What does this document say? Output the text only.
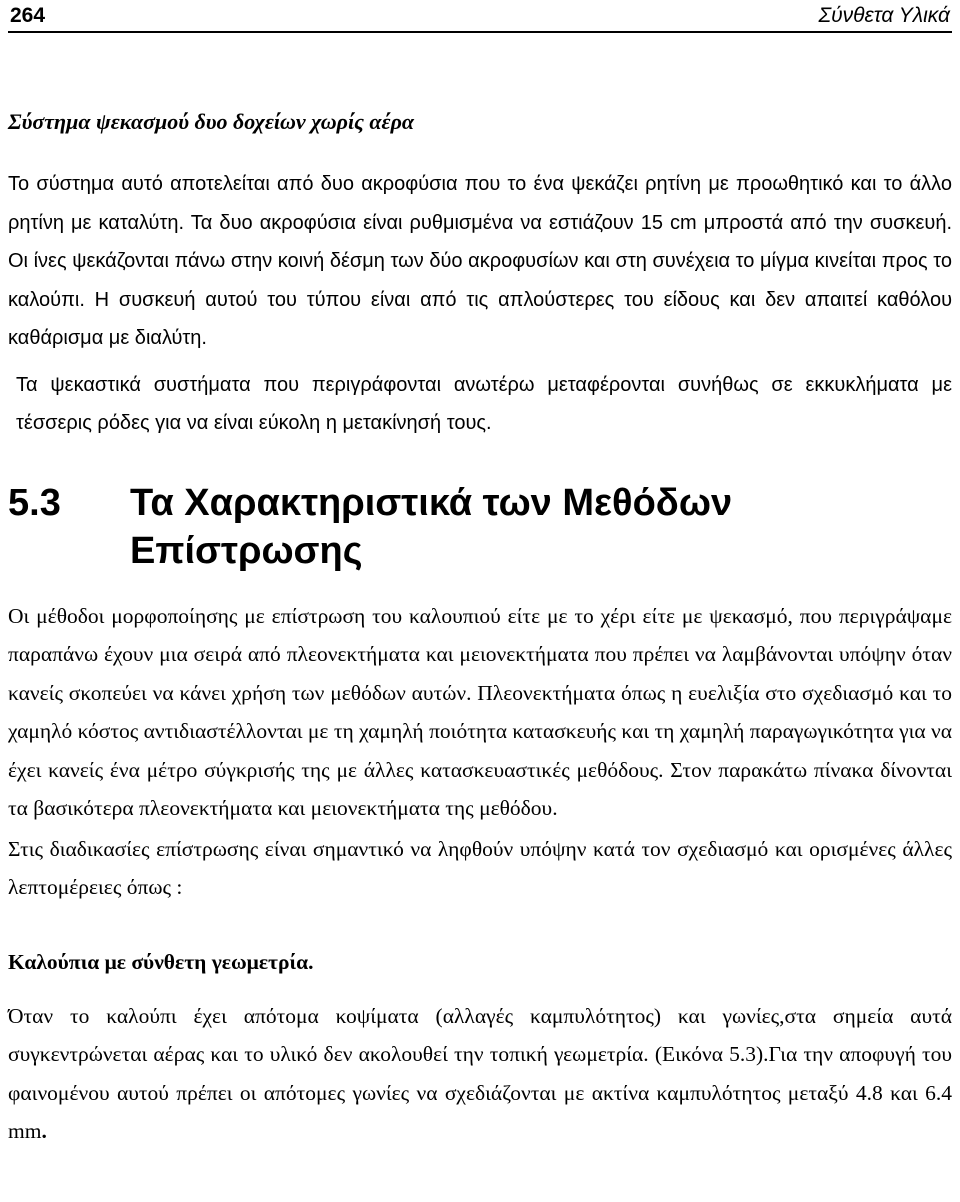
264	Σύνθετα Υλικά
Σύστημα ψεκασμού δυο δοχείων χωρίς αέρα

Το σύστημα αυτό αποτελείται από δυο ακροφύσια που το ένα ψεκάζει ρητίνη με προωθητικό και το άλλο ρητίνη με καταλύτη. Τα δυο ακροφύσια είναι ρυθμισμένα να εστιάζουν 15 cm μπροστά από την συσκευή. Οι ίνες ψεκάζονται πάνω στην κοινή δέσμη των δύο ακροφυσίων και στη συνέχεια το μίγμα κινείται προς το καλούπι. Η συσκευή αυτού του τύπου είναι από τις απλούστερες του είδους και δεν απαιτεί καθόλου καθάρισμα με διαλύτη.

Τα ψεκαστικά συστήματα που περιγράφονται ανωτέρω μεταφέρονται συνήθως σε εκκυκλήματα με τέσσερις ρόδες για να είναι εύκολη η μετακίνησή τους.

5.3	Τα Χαρακτηριστικά των Μεθόδων Επίστρωσης

Οι μέθοδοι μορφοποίησης με επίστρωση του καλουπιού είτε με το χέρι είτε με ψεκασμό, που περιγράψαμε παραπάνω έχουν μια σειρά από πλεονεκτήματα και μειονεκτήματα που πρέπει να λαμβάνονται υπόψην όταν κανείς σκοπεύει να κάνει χρήση των μεθόδων αυτών. Πλεονεκτήματα όπως η ευελιξία στο σχεδιασμό και το χαμηλό κόστος αντιδιαστέλλονται με τη χαμηλή ποιότητα κατασκευής και τη χαμηλή παραγωγικότητα για να έχει κανείς ένα μέτρο σύγκρισής της με άλλες κατασκευαστικές μεθόδους. Στον παρακάτω πίνακα δίνονται τα βασικότερα πλεονεκτήματα και μειονεκτήματα της μεθόδου.

Στις διαδικασίες επίστρωσης είναι σημαντικό να ληφθούν υπόψην κατά τον σχεδιασμό και ορισμένες άλλες λεπτομέρειες όπως :

Καλούπια με σύνθετη γεωμετρία.

Όταν το καλούπι έχει απότομα κοψίματα (αλλαγές καμπυλότητος) και γωνίες,στα σημεία αυτά συγκεντρώνεται αέρας και το υλικό δεν ακολουθεί την τοπική γεωμετρία. (Εικόνα 5.3).Για την αποφυγή του φαινομένου αυτού πρέπει οι απότομες γωνίες να σχεδιάζονται με ακτίνα καμπυλότητος μεταξύ 4.8 και 6.4 mm.
